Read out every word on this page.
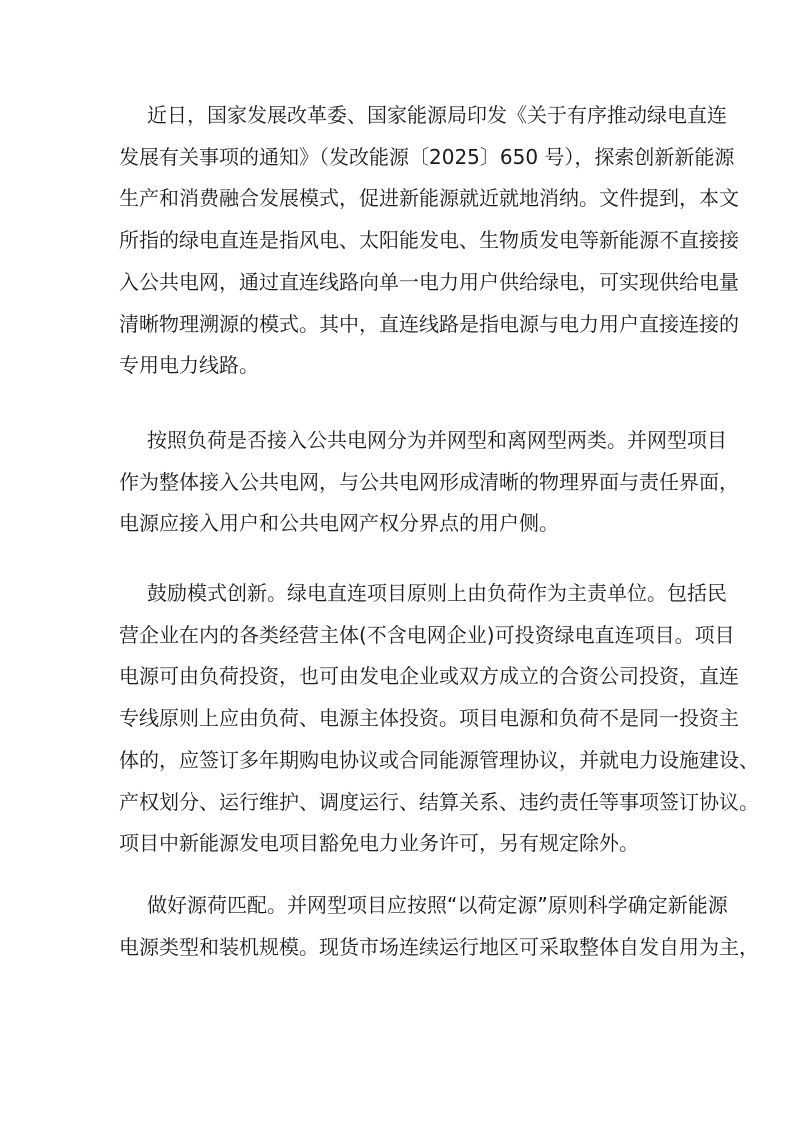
近日，国家发展改革委、国家能源局印发《关于有序推动绿电直连
发展有关事项的通知》（发改能源〔2025〕650 号），探索创新新能源
生产和消费融合发展模式，促进新能源就近就地消纳。文件提到，本文
所指的绿电直连是指风电、太阳能发电、生物质发电等新能源不直接接
入公共电网，通过直连线路向单一电力用户供给绿电，可实现供给电量
清晰物理溯源的模式。其中，直连线路是指电源与电力用户直接连接的
专用电力线路。
按照负荷是否接入公共电网分为并网型和离网型两类。并网型项目
作为整体接入公共电网，与公共电网形成清晰的物理界面与责任界面，
电源应接入用户和公共电网产权分界点的用户侧。
鼓励模式创新。绿电直连项目原则上由负荷作为主责单位。包括民
营企业在内的各类经营主体(不含电网企业)可投资绿电直连项目。项目
电源可由负荷投资，也可由发电企业或双方成立的合资公司投资，直连
专线原则上应由负荷、电源主体投资。项目电源和负荷不是同一投资主
体的，应签订多年期购电协议或合同能源管理协议，并就电力设施建设、
产权划分、运行维护、调度运行、结算关系、违约责任等事项签订协议。
项目中新能源发电项目豁免电力业务许可，另有规定除外。
做好源荷匹配。并网型项目应按照“以荷定源”原则科学确定新能源
电源类型和装机规模。现货市场连续运行地区可采取整体自发自用为主，
